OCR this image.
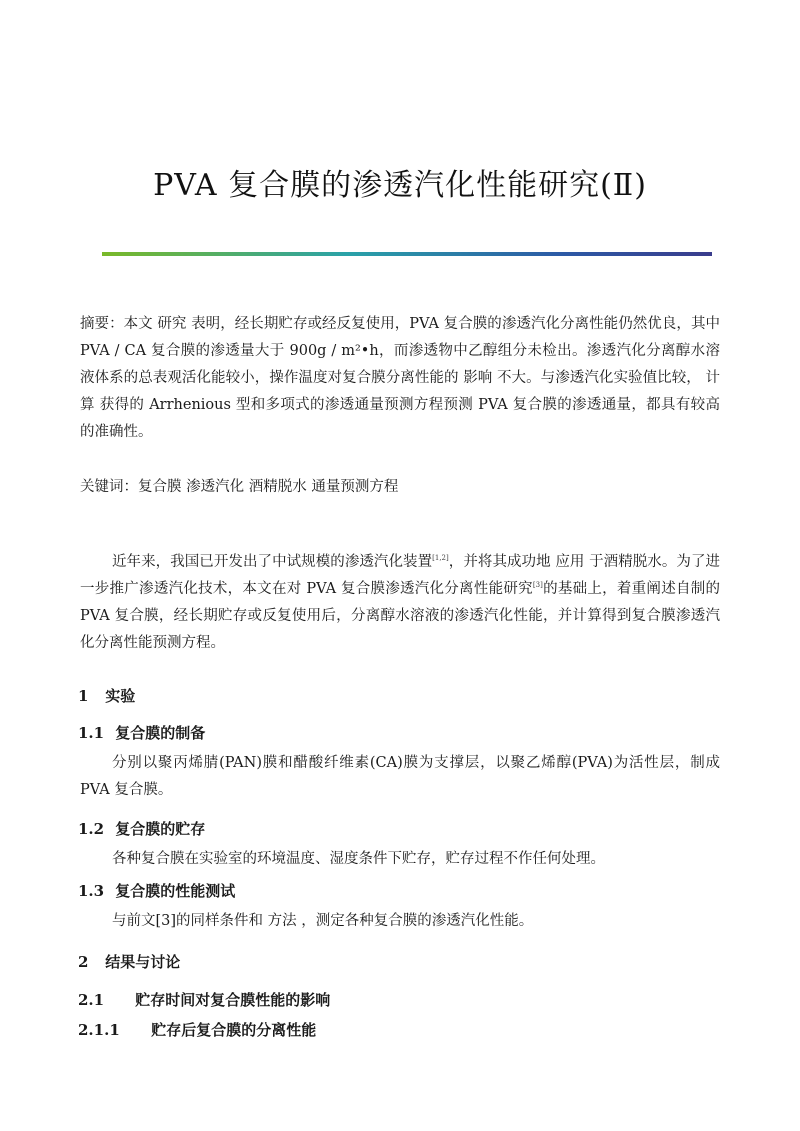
PVA 复合膜的渗透汽化性能研究(Ⅱ)

摘要：本文 研究 表明，经长期贮存或经反复使用，PVA 复合膜的渗透汽化分离性能仍然优良，其中 PVA / CA 复合膜的渗透量大于 900g / m²•h，而渗透物中乙醇组分未检出。渗透汽化分离醇水溶液体系的总表观活化能较小，操作温度对复合膜分离性能的 影响 不大。与渗透汽化实验值比较， 计算 获得的 Arrhenious 型和多项式的渗透通量预测方程预测 PVA 复合膜的渗透通量，都具有较高的准确性。

关键词：复合膜 渗透汽化 酒精脱水 通量预测方程

近年来，我国已开发出了中试规模的渗透汽化装置[1,2]，并将其成功地 应用 于酒精脱水。为了进一步推广渗透汽化技术，本文在对 PVA 复合膜渗透汽化分离性能研究[3]的基础上，着重阐述自制的 PVA 复合膜，经长期贮存或反复使用后，分离醇水溶液的渗透汽化性能，并计算得到复合膜渗透汽化分离性能预测方程。

1 实验
1.1 复合膜的制备

分别以聚丙烯腈(PAN)膜和醋酸纤维素(CA)膜为支撑层，以聚乙烯醇(PVA)为活性层，制成 PVA 复合膜。

1.2 复合膜的贮存

各种复合膜在实验室的环境温度、湿度条件下贮存，贮存过程不作任何处理。

1.3 复合膜的性能测试

与前文[3]的同样条件和 方法 ，测定各种复合膜的渗透汽化性能。

2 结果与讨论
2.1 贮存时间对复合膜性能的影响
2.1.1 贮存后复合膜的分离性能
